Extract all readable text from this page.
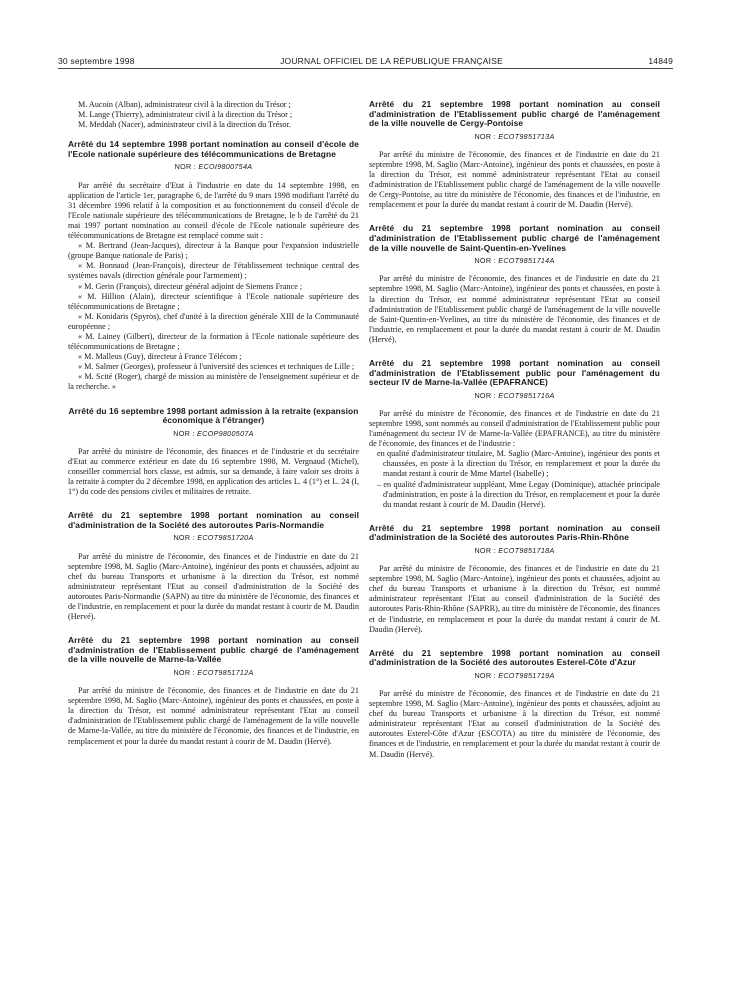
30 septembre 1998	JOURNAL OFFICIEL DE LA RÉPUBLIQUE FRANÇAISE	14849

M. Aucoin (Alban), administrateur civil à la direction du Trésor ;

M. Lange (Thierry), administrateur civil à la direction du Trésor ;

M. Meddah (Nacer), administrateur civil à la direction du Trésor.

Arrêté du 14 septembre 1998 portant nomination au conseil d'école de l'Ecole nationale supérieure des télécommunications de Bretagne
NOR : ECOI9800754A

Par arrêté du secrétaire d'Etat à l'industrie en date du 14 septembre 1998, en application de l'article 1er, paragraphe 6, de l'arrêté du 9 mars 1998 modifiant l'arrêté du 31 décembre 1996 relatif à la composition et au fonctionnement du conseil d'école de l'Ecole nationale supérieure des télécommunications de Bretagne, le b de l'arrêté du 21 mai 1997 portant nomination au conseil d'école de l'Ecole nationale supérieure des télécommunications de Bretagne est remplacé comme suit :

« M. Bertrand (Jean-Jacques), directeur à la Banque pour l'expansion industrielle (groupe Banque nationale de Paris) ;

« M. Bonnaud (Jean-François), directeur de l'établissement technique central des systèmes navals (direction générale pour l'armement) ;

« M. Gerin (François), directeur général adjoint de Siemens France ;

« M. Hillion (Alain), directeur scientifique à l'Ecole nationale supérieure des télécommunications de Bretagne ;

« M. Konidaris (Spyros), chef d'unité à la direction générale XIII de la Communauté européenne ;

« M. Lainey (Gilbert), directeur de la formation à l'Ecole nationale supérieure des télécommunications de Bretagne ;

« M. Malleus (Guy), directeur à France Télécom ;

« M. Salmer (Georges), professeur à l'université des sciences et techniques de Lille ;

« M. Scité (Roger), chargé de mission au ministère de l'enseignement supérieur et de la recherche. »

Arrêté du 16 septembre 1998 portant admission à la retraite (expansion économique à l'étranger)
NOR : ECOP9800507A

Par arrêté du ministre de l'économie, des finances et de l'industrie et du secrétaire d'Etat au commerce extérieur en date du 16 septembre 1998, M. Vergnaud (Michel), conseiller commercial hors classe, est admis, sur sa demande, à faire valoir ses droits à la retraite à compter du 2 décembre 1998, en application des articles L. 4 (1°) et L. 24 (I, 1°) du code des pensions civiles et militaires de retraite.

Arrêté du 21 septembre 1998 portant nomination au conseil d'administration de la Société des autoroutes Paris-Normandie
NOR : ECOT9851720A

Par arrêté du ministre de l'économie, des finances et de l'industrie en date du 21 septembre 1998, M. Saglio (Marc-Antoine), ingénieur des ponts et chaussées, adjoint au chef du bureau Transports et urbanisme à la direction du Trésor, est nommé administrateur représentant l'Etat au conseil d'administration de la Société des autoroutes Paris-Normandie (SAPN) au titre du ministère de l'économie, des finances et de l'industrie, en remplacement et pour la durée du mandat restant à courir de M. Daudin (Hervé).

Arrêté du 21 septembre 1998 portant nomination au conseil d'administration de l'Etablissement public chargé de l'aménagement de la ville nouvelle de Marne-la-Vallée
NOR : ECOT9851712A

Par arrêté du ministre de l'économie, des finances et de l'industrie en date du 21 septembre 1998, M. Saglio (Marc-Antoine), ingénieur des ponts et chaussées, en poste à la direction du Trésor, est nommé administrateur représentant l'Etat au conseil d'administration de l'Etablissement public chargé de l'aménagement de la ville nouvelle de Marne-la-Vallée, au titre du ministère de l'économie, des finances et de l'industrie, en remplacement et pour la durée du mandat restant à courir de M. Daudin (Hervé).

Arrêté du 21 septembre 1998 portant nomination au conseil d'administration de l'Etablissement public chargé de l'aménagement de la ville nouvelle de Cergy-Pontoise
NOR : ECOT9851713A

Par arrêté du ministre de l'économie, des finances et de l'industrie en date du 21 septembre 1998, M. Saglio (Marc-Antoine), ingénieur des ponts et chaussées, en poste à la direction du Trésor, est nommé administrateur représentant l'Etat au conseil d'administration de l'Etablissement public chargé de l'aménagement de la ville nouvelle de Cergy-Pontoise, au titre du ministère de l'économie, des finances et de l'industrie, en remplacement et pour la durée du mandat restant à courir de M. Daudin (Hervé).

Arrêté du 21 septembre 1998 portant nomination au conseil d'administration de l'Etablissement public chargé de l'aménagement de la ville nouvelle de Saint-Quentin-en-Yvelines
NOR : ECOT9851714A

Par arrêté du ministre de l'économie, des finances et de l'industrie en date du 21 septembre 1998, M. Saglio (Marc-Antoine), ingénieur des ponts et chaussées, en poste à la direction du Trésor, est nommé administrateur représentant l'Etat au conseil d'administration de l'Etablissement public chargé de l'aménagement de la ville nouvelle de Saint-Quentin-en-Yvelines, au titre du ministère de l'économie, des finances et de l'industrie, en remplacement et pour la durée du mandat restant à courir de M. Daudin (Hervé).

Arrêté du 21 septembre 1998 portant nomination au conseil d'administration de l'Etablissement public pour l'aménagement du secteur IV de Marne-la-Vallée (EPAFRANCE)
NOR : ECOT9851716A

Par arrêté du ministre de l'économie, des finances et de l'industrie en date du 21 septembre 1998, sont nommés au conseil d'administration de l'Etablissement public pour l'aménagement du secteur IV de Marne-la-Vallée (EPAFRANCE), au titre du ministère de l'économie, des finances et de l'industrie :

en qualité d'administrateur titulaire, M. Saglio (Marc-Antoine), ingénieur des ponts et chaussées, en poste à la direction du Trésor, en remplacement et pour la durée du mandat restant à courir de Mme Martel (Isabelle) ;
– en qualité d'administrateur suppléant, Mme Legay (Dominique), attachée principale d'administration, en poste à la direction du Trésor, en remplacement et pour la durée du mandat restant à courir de M. Daudin (Hervé).
Arrêté du 21 septembre 1998 portant nomination au conseil d'administration de la Société des autoroutes Paris-Rhin-Rhône
NOR : ECOT9851718A

Par arrêté du ministre de l'économie, des finances et de l'industrie en date du 21 septembre 1998, M. Saglio (Marc-Antoine), ingénieur des ponts et chaussées, adjoint au chef du bureau Transports et urbanisme à la direction du Trésor, est nommé administrateur représentant l'Etat au conseil d'administration de la Société des autoroutes Paris-Rhin-Rhône (SAPRR), au titre du ministère de l'économie, des finances et de l'industrie, en remplacement et pour la durée du mandat restant à courir de M. Daudin (Hervé).

Arrêté du 21 septembre 1998 portant nomination au conseil d'administration de la Société des autoroutes Esterel-Côte d'Azur
NOR : ECOT9851719A

Par arrêté du ministre de l'économie, des finances et de l'industrie en date du 21 septembre 1998, M. Saglio (Marc-Antoine), ingénieur des ponts et chaussées, adjoint au chef du bureau Transports et urbanisme à la direction du Trésor, est nommé administrateur représentant l'Etat au conseil d'administration de la Société des autoroutes Esterel-Côte d'Azur (ESCOTA) au titre du ministère de l'économie, des finances et de l'industrie, en remplacement et pour la durée du mandat restant à courir de M. Daudin (Hervé).
